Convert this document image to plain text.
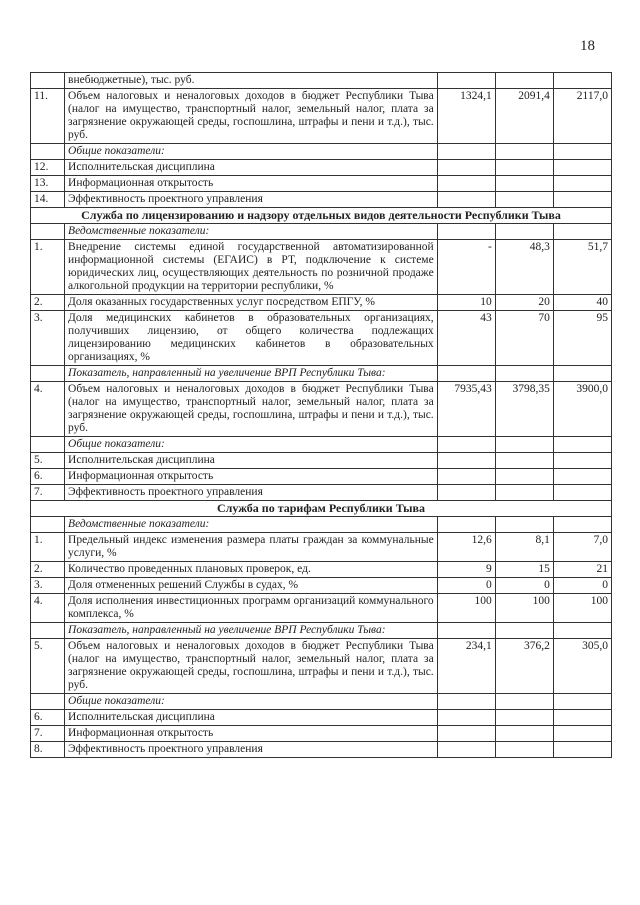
18
	внебюджетные), тыс. руб.			
11.	Объем налоговых и неналоговых доходов в бюджет Республики Тыва (налог на имущество, транспортный налог, земельный налог, плата за загрязнение окружающей среды, госпошлина, штрафы и пени и т.д.), тыс. руб.	1324,1	2091,4	2117,0
	Общие показатели:			
12.	Исполнительская дисциплина			
13.	Информационная открытость			
14.	Эффективность проектного управления			
Служба по лицензированию и надзору отдельных видов деятельности Республики Тыва				
	Ведомственные показатели:			
1.	Внедрение системы единой государственной автоматизированной информационной системы (ЕГАИС) в РТ, подключение к системе юридических лиц, осуществляющих деятельность по розничной продаже алкогольной продукции на территории республики, %	-	48,3	51,7
2.	Доля оказанных государственных услуг посредством ЕПГУ, %	10	20	40
3.	Доля медицинских кабинетов в образовательных организациях, получивших лицензию, от общего количества подлежащих лицензированию медицинских кабинетов в образовательных организациях, %	43	70	95
	Показатель, направленный на увеличение ВРП Республики Тыва:			
4.	Объем налоговых и неналоговых доходов в бюджет Республики Тыва (налог на имущество, транспортный налог, земельный налог, плата за загрязнение окружающей среды, госпошлина, штрафы и пени и т.д.), тыс. руб.	7935,43	3798,35	3900,0
	Общие показатели:			
5.	Исполнительская дисциплина			
6.	Информационная открытость			
7.	Эффективность проектного управления			
Служба по тарифам Республики Тыва				
	Ведомственные показатели:			
1.	Предельный индекс изменения размера платы граждан за коммунальные услуги, %	12,6	8,1	7,0
2.	Количество проведенных плановых проверок, ед.	9	15	21
3.	Доля отмененных решений Службы в судах, %	0	0	0
4.	Доля исполнения инвестиционных программ организаций коммунального комплекса, %	100	100	100
	Показатель, направленный на увеличение ВРП Республики Тыва:			
5.	Объем налоговых и неналоговых доходов в бюджет Республики Тыва (налог на имущество, транспортный налог, земельный налог, плата за загрязнение окружающей среды, госпошлина, штрафы и пени и т.д.), тыс. руб.	234,1	376,2	305,0
	Общие показатели:			
6.	Исполнительская дисциплина			
7.	Информационная открытость			
8.	Эффективность проектного управления			
